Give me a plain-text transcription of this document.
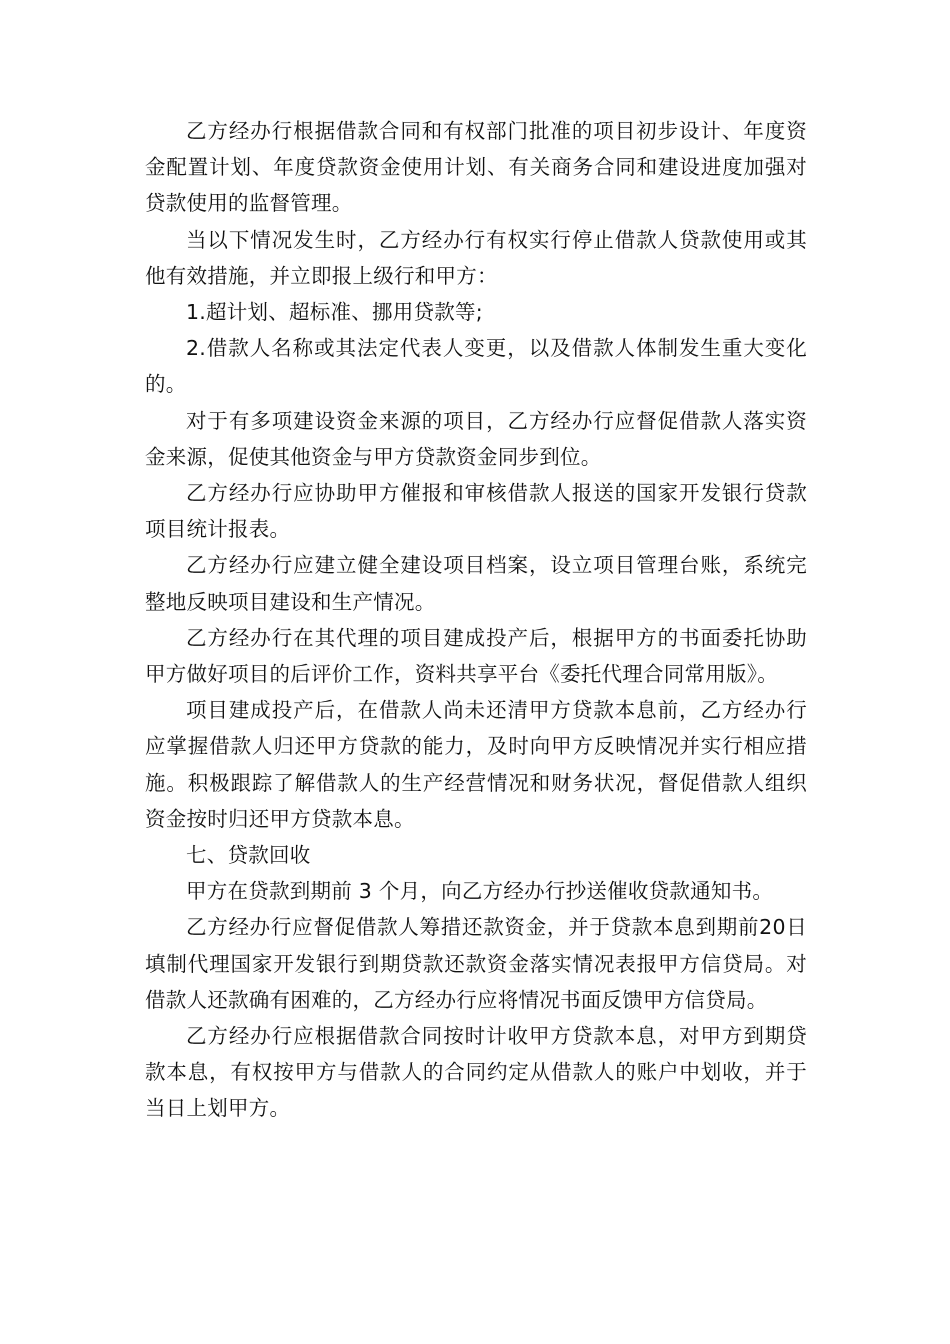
乙方经办行根据借款合同和有权部门批准的项目初步设计、年度资金配置计划、年度贷款资金使用计划、有关商务合同和建设进度加强对贷款使用的监督管理。

当以下情况发生时，乙方经办行有权实行停止借款人贷款使用或其他有效措施，并立即报上级行和甲方：

1.超计划、超标准、挪用贷款等;

2.借款人名称或其法定代表人变更，以及借款人体制发生重大变化的。

对于有多项建设资金来源的项目，乙方经办行应督促借款人落实资金来源，促使其他资金与甲方贷款资金同步到位。

乙方经办行应协助甲方催报和审核借款人报送的国家开发银行贷款项目统计报表。

乙方经办行应建立健全建设项目档案，设立项目管理台账，系统完整地反映项目建设和生产情况。

乙方经办行在其代理的项目建成投产后，根据甲方的书面委托协助甲方做好项目的后评价工作，资料共享平台《委托代理合同常用版》。

项目建成投产后，在借款人尚未还清甲方贷款本息前，乙方经办行应掌握借款人归还甲方贷款的能力，及时向甲方反映情况并实行相应措施。积极跟踪了解借款人的生产经营情况和财务状况，督促借款人组织资金按时归还甲方贷款本息。

七、贷款回收

甲方在贷款到期前 3 个月，向乙方经办行抄送催收贷款通知书。

乙方经办行应督促借款人筹措还款资金，并于贷款本息到期前20日填制代理国家开发银行到期贷款还款资金落实情况表报甲方信贷局。对借款人还款确有困难的，乙方经办行应将情况书面反馈甲方信贷局。

乙方经办行应根据借款合同按时计收甲方贷款本息，对甲方到期贷款本息，有权按甲方与借款人的合同约定从借款人的账户中划收，并于当日上划甲方。
